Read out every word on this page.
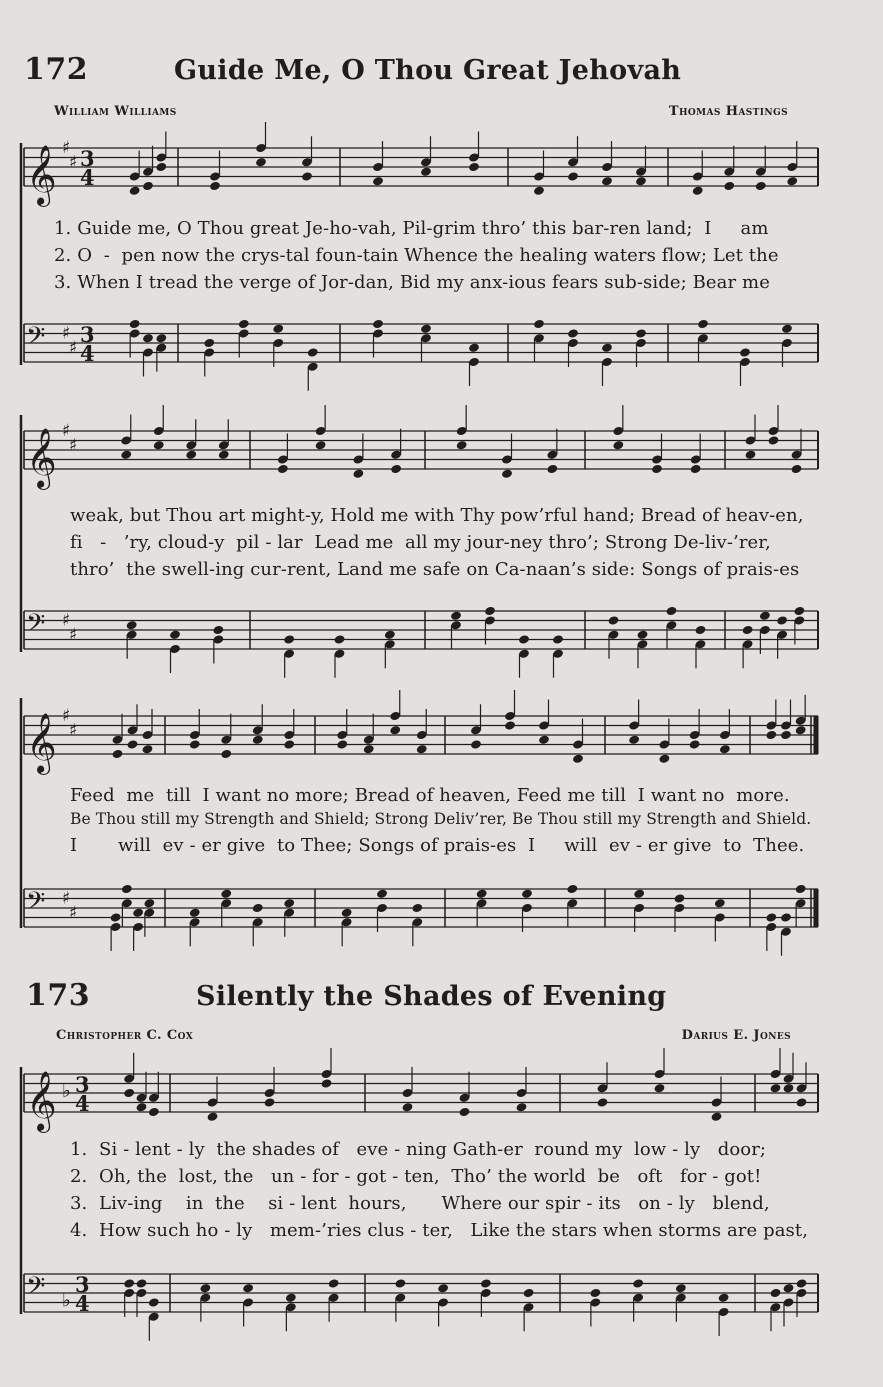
172	Guide Me, O Thou Great Jehovah
William Williams	Thomas Hastings
𝄞 ♯
♯ 3
4
1. Guide me, O Thou great Je-ho-vah, Pil-grim thro’ this bar-ren land;  I     am
2. O  -  pen now the crys-tal foun-tain Whence the healing waters flow; Let the
3. When I tread the verge of Jor-dan, Bid my anx-ious fears sub-side; Bear me
𝄢 ♯
♯
3
4
𝄞 ♯
♯
weak, but Thou art might-y, Hold me with Thy pow’rful hand; Bread of heav-en,
fi   -   ’ry, cloud-y  pil - lar  Lead me  all my jour-ney thro’; Strong De-liv-’rer,
thro’  the swell-ing cur-rent, Land me safe on Ca-naan’s side: Songs of prais-es
𝄢 ♯
♯
𝄞 ♯
♯
Feed  me  till  I want no more; Bread of heaven, Feed me till  I want no  more.
Be Thou still my Strength and Shield; Strong Deliv’rer, Be Thou still my Strength and Shield.
I       will  ev - er give  to Thee; Songs of prais-es  I     will  ev - er give  to  Thee.
𝄢 ♯
♯
173	Silently the Shades of Evening
Christopher C. Cox	Darius E. Jones
𝄞 ♭ 3
4
1.  Si - lent - ly  the shades of   eve - ning Gath-er  round my  low - ly   door;
2.  Oh, the  lost, the   un - for - got - ten,  Tho’ the world  be   oft   for - got!
3.  Liv-ing    in  the    si - lent  hours,      Where our spir - its   on - ly   blend,
4.  How such ho - ly   mem-’ries clus - ter,   Like the stars when storms are past,
𝄢 ♭
3
4
